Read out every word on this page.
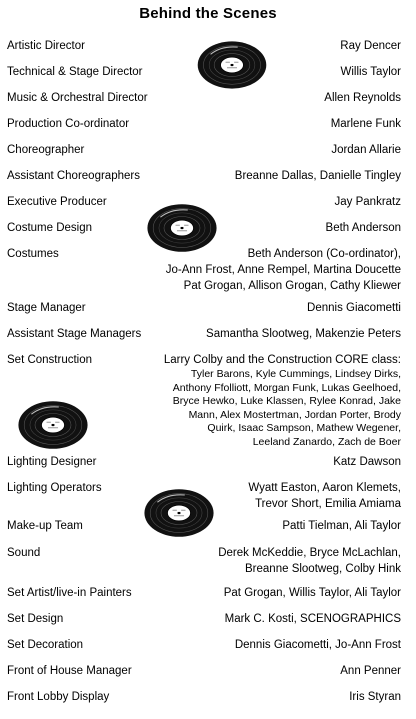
Behind the Scenes
Artistic Director	Ray Dencer
Technical & Stage Director	Willis Taylor
Music & Orchestral Director	Allen Reynolds
Production Co-ordinator	Marlene Funk
Choreographer	Jordan Allarie
Assistant Choreographers	Breanne Dallas, Danielle Tingley
Executive Producer	Jay Pankratz
Costume Design	Beth Anderson
Costumes	Beth Anderson (Co-ordinator),
Jo-Ann Frost, Anne Rempel, Martina Doucette
Pat Grogan, Allison Grogan, Cathy Kliewer
Stage Manager	Dennis Giacometti
Assistant Stage Managers	Samantha Slootweg, Makenzie Peters
Set Construction	Larry Colby and the Construction CORE class:
Tyler Barons, Kyle Cummings, Lindsey Dirks,
Anthony Ffolliott, Morgan Funk, Lukas Geelhoed,
Bryce Hewko, Luke Klassen, Rylee Konrad, Jake
Mann, Alex Mostertman, Jordan Porter, Brody
Quirk, Isaac Sampson, Mathew Wegener,
Leeland Zanardo, Zach de Boer
Lighting Designer	Katz Dawson
Lighting Operators	Wyatt Easton, Aaron Klemets,
Trevor Short, Emilia Amiama
Make-up Team	Patti Tielman, Ali Taylor
Sound	Derek McKeddie, Bryce McLachlan,
Breanne Slootweg, Colby Hink
Set Artist/live-in Painters	Pat Grogan, Willis Taylor, Ali Taylor
Set Design	Mark C. Kosti, SCENOGRAPHICS
Set Decoration	Dennis Giacometti, Jo-Ann Frost
Front of House Manager	Ann Penner
Front Lobby Display	Iris Styran
